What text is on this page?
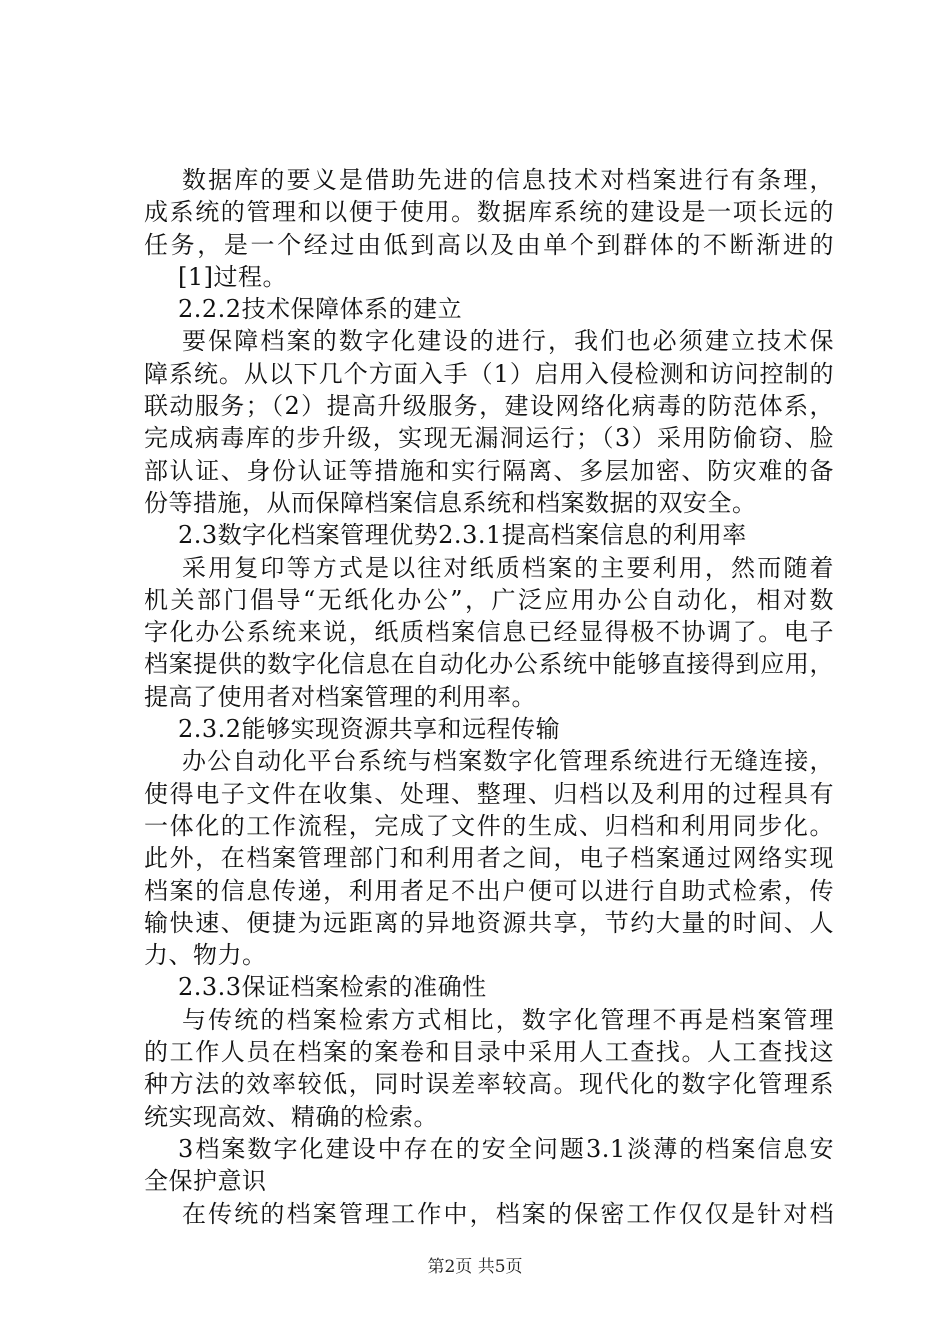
数据库的要义是借助先进的信息技术对档案进行有条理，
成系统的管理和以便于使用。数据库系统的建设是一项长远的
任务，是一个经过由低到高以及由单个到群体的不断渐进的
[1]过程。
2.2.2技术保障体系的建立
要保障档案的数字化建设的进行，我们也必须建立技术保
障系统。从以下几个方面入手（1）启用入侵检测和访问控制的
联动服务；（2）提高升级服务，建设网络化病毒的防范体系，
完成病毒库的步升级，实现无漏洞运行；（3）采用防偷窃、脸
部认证、身份认证等措施和实行隔离、多层加密、防灾难的备
份等措施，从而保障档案信息系统和档案数据的双安全。
2.3数字化档案管理优势2.3.1提高档案信息的利用率
采用复印等方式是以往对纸质档案的主要利用，然而随着
机关部门倡导“无纸化办公”，广泛应用办公自动化，相对数
字化办公系统来说，纸质档案信息已经显得极不协调了。电子
档案提供的数字化信息在自动化办公系统中能够直接得到应用，
提高了使用者对档案管理的利用率。
2.3.2能够实现资源共享和远程传输
办公自动化平台系统与档案数字化管理系统进行无缝连接，
使得电子文件在收集、处理、整理、归档以及利用的过程具有
一体化的工作流程，完成了文件的生成、归档和利用同步化。
此外，在档案管理部门和利用者之间，电子档案通过网络实现
档案的信息传递，利用者足不出户便可以进行自助式检索，传
输快速、便捷为远距离的异地资源共享，节约大量的时间、人
力、物力。
2.3.3保证档案检索的准确性
与传统的档案检索方式相比，数字化管理不再是档案管理
的工作人员在档案的案卷和目录中采用人工查找。人工查找这
种方法的效率较低，同时误差率较高。现代化的数字化管理系
统实现高效、精确的检索。
3档案数字化建设中存在的安全问题3.1淡薄的档案信息安
全保护意识
在传统的档案管理工作中，档案的保密工作仅仅是针对档
第2页 共5页
